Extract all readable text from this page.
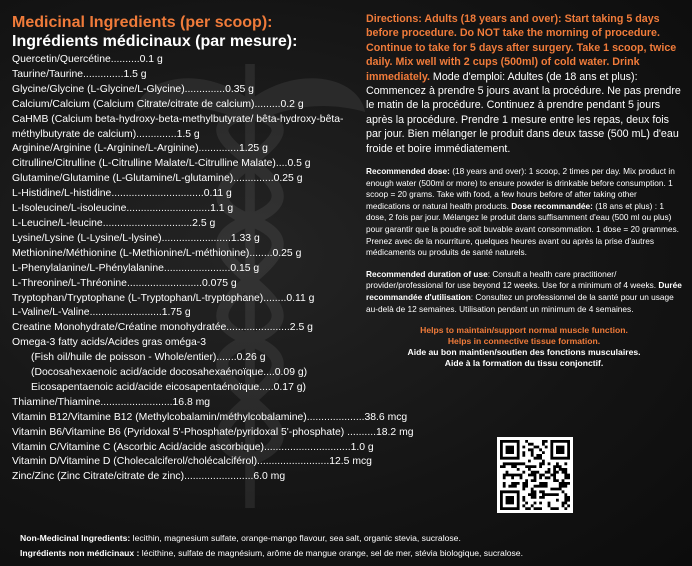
Medicinal Ingredients (per scoop):
Ingrédients médicinaux (par mesure):
Quercetin/Quercétine..........0.1 g
Taurine/Taurine..............1.5 g
Glycine/Glycine (L-Glycine/L-Glycine)..............0.35 g
Calcium/Calcium (Calcium Citrate/citrate de calcium).........0.2 g
CaHMB (Calcium beta-hydroxy-beta-methylbutyrate/ bêta-hydroxy-bêta-méthylbutyrate de calcium)..............1.5 g
Arginine/Arginine (L-Arginine/L-Arginine)..............1.25 g
Citrulline/Citrulline (L-Citrulline Malate/L-Citrulline Malate)....0.5 g
Glutamine/Glutamine (L-Glutamine/L-glutamine)..............0.25 g
L-Histidine/L-histidine................................0.11 g
L-Isoleucine/L-isoleucine.............................1.1 g
L-Leucine/L-leucine...............................2.5 g
Lysine/Lysine (L-Lysine/L-lysine)........................1.33 g
Methionine/Méthionine (L-Methionine/L-méthionine)........0.25 g
L-Phenylalanine/L-Phénylalanine.......................0.15 g
L-Threonine/L-Thréonine..........................0.075 g
Tryptophan/Tryptophane (L-Tryptophan/L-tryptophane)........0.11 g
L-Valine/L-Valine.........................1.75 g
Creatine Monohydrate/Créatine monohydratée......................2.5 g
Omega-3 fatty acids/Acides gras oméga-3
(Fish oil/huile de poisson - Whole/entier).......0.26 g
(Docosahexaenoic acid/acide docosahexaénoïque....0.09 g)
Eicosapentaenoic acid/acide eicosapentaénoïque.....0.17 g)
Thiamine/Thiamine.........................16.8 mg
Vitamin B12/Vitamine B12 (Methylcobalamin/méthylcobalamine)....................38.6 mcg
Vitamin B6/Vitamine B6 (Pyridoxal 5'-Phosphate/pyridoxal 5'-phosphate) ..........18.2 mg
Vitamin C/Vitamine C (Ascorbic Acid/acide ascorbique)..............................1.0 g
Vitamin D/Vitamine D (Cholecalciferol/cholécalciférol).........................12.5 mcg
Zinc/Zinc (Zinc Citrate/citrate de zinc)........................6.0 mg
Directions: Adults (18 years and over): Start taking 5 days before procedure. Do NOT take the morning of procedure. Continue to take for 5 days after surgery. Take 1 scoop, twice daily. Mix well with 2 cups (500ml) of cold water. Drink immediately. Mode d'emploi: Adultes (de 18 ans et plus): Commencez à prendre 5 jours avant la procédure. Ne pas prendre le matin de la procédure. Continuez à prendre pendant 5 jours après la procédure. Prendre 1 mesure entre les repas, deux fois par jour. Bien mélanger le produit dans deux tasse (500 mL) d'eau froide et boire immédiatement.
Recommended dose: (18 years and over): 1 scoop, 2 times per day. Mix product in enough water (500ml or more) to ensure powder is drinkable before consumption. 1 scoop = 20 grams. Take with food, a few hours before of after taking other medications or natural health products. Dose recommandée: (18 ans et plus) : 1 dose, 2 fois par jour. Mélangez le produit dans suffisamment d'eau (500 ml ou plus) pour garantir que la poudre soit buvable avant consommation. 1 dose = 20 grammes. Prenez avec de la nourriture, quelques heures avant ou après la prise d'autres médicaments ou produits de santé naturels.
Recommended duration of use: Consult a health care practitioner/ provider/professional for use beyond 12 weeks. Use for a minimum of 4 weeks. Durée recommandée d'utilisation: Consultez un professionnel de la santé pour un usage au-delà de 12 semaines. Utilisation pendant un minimum de 4 semaines.
Helps to maintain/support normal muscle function.
Helps in connective tissue formation.
Aide au bon maintien/soutien des fonctions musculaires.
Aide à la formation du tissu conjonctif.
Non-Medicinal Ingredients: lecithin, magnesium sulfate, orange-mango flavour, sea salt, organic stevia, sucralose.
Ingrédients non médicinaux : lécithine, sulfate de magnésium, arôme de mangue orange, sel de mer, stévia biologique, sucralose.
